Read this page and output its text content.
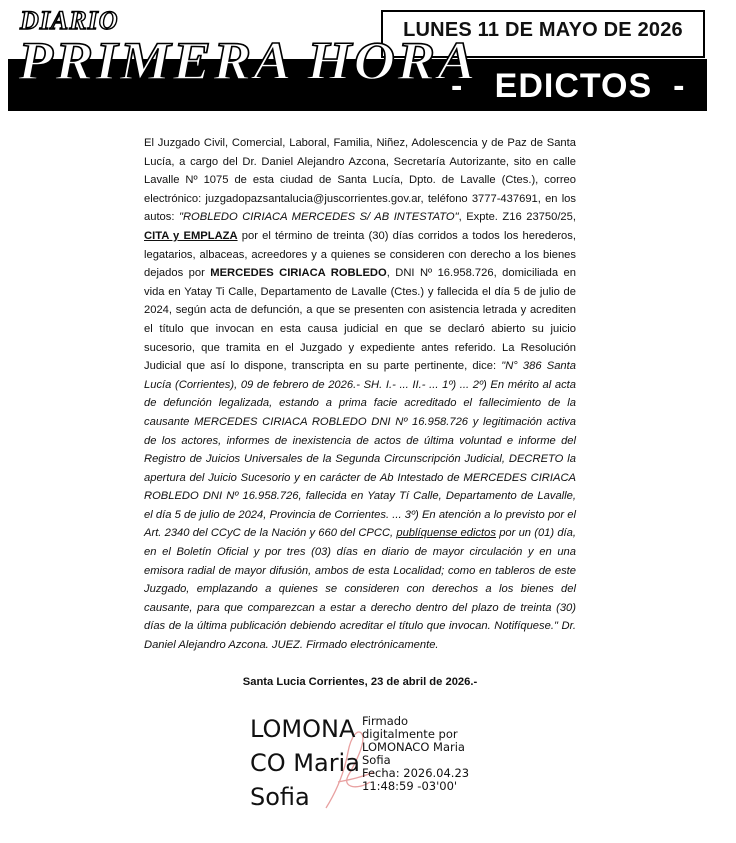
-   EDICTOS  -
DIARIO
PRIMERA HORA
LUNES 11 DE MAYO DE 2026

El Juzgado Civil, Comercial, Laboral, Familia, Niñez, Adolescencia y de Paz de Santa Lucía, a cargo del Dr. Daniel Alejandro Azcona, Secretaría Autorizante, sito en calle Lavalle Nº 1075 de esta ciudad de Santa Lucía, Dpto. de Lavalle (Ctes.), correo electrónico: juzgadopazsantalucia@juscorrientes.gov.ar, teléfono 3777-437691, en los autos: "ROBLEDO CIRIACA MERCEDES S/ AB INTESTATO", Expte. Z16 23750/25, CITA y EMPLAZA por el término de treinta (30) días corridos a todos los herederos, legatarios, albaceas, acreedores y a quienes se consideren con derecho a los bienes dejados por MERCEDES CIRIACA ROBLEDO, DNI Nº 16.958.726, domiciliada en vida en Yatay Ti Calle, Departamento de Lavalle (Ctes.) y fallecida el día 5 de julio de 2024, según acta de defunción, a que se presenten con asistencia letrada y acrediten el título que invocan en esta causa judicial en que se declaró abierto su juicio sucesorio, que tramita en el Juzgado y expediente antes referido. La Resolución Judicial que así lo dispone, transcripta en su parte pertinente, dice: "N° 386 Santa Lucía (Corrientes), 09 de febrero de 2026.- SH. I.- ... II.- ... 1º) ... 2º) En mérito al acta de defunción legalizada, estando a prima facie acreditado el fallecimiento de la causante MERCEDES CIRIACA ROBLEDO DNI Nº 16.958.726 y legitimación activa de los actores, informes de inexistencia de actos de última voluntad e informe del Registro de Juicios Universales de la Segunda Circunscripción Judicial, DECRETO la apertura del Juicio Sucesorio y en carácter de Ab Intestado de MERCEDES CIRIACA ROBLEDO DNI Nº 16.958.726, fallecida en Yatay Tí Calle, Departamento de Lavalle, el día 5 de julio de 2024, Provincia de Corrientes. ... 3º) En atención a lo previsto por el Art. 2340 del CCyC de la Nación y 660 del CPCC, publíquense edictos por un (01) día, en el Boletín Oficial y por tres (03) días en diario de mayor circulación y en una emisora radial de mayor difusión, ambos de esta Localidad; como en tableros de este Juzgado, emplazando a quienes se consideren con derechos a los bienes del causante, para que comparezcan a estar a derecho dentro del plazo de treinta (30) días de la última publicación debiendo acreditar el título que invocan. Notifíquese." Dr. Daniel Alejandro Azcona. JUEZ. Firmado electrónicamente.

Santa Lucia Corrientes, 23 de abril de 2026.-
LOMONA
CO Maria
Sofia
Firmado
digitalmente por
LOMONACO Maria
Sofia
Fecha: 2026.04.23
11:48:59 -03'00'
